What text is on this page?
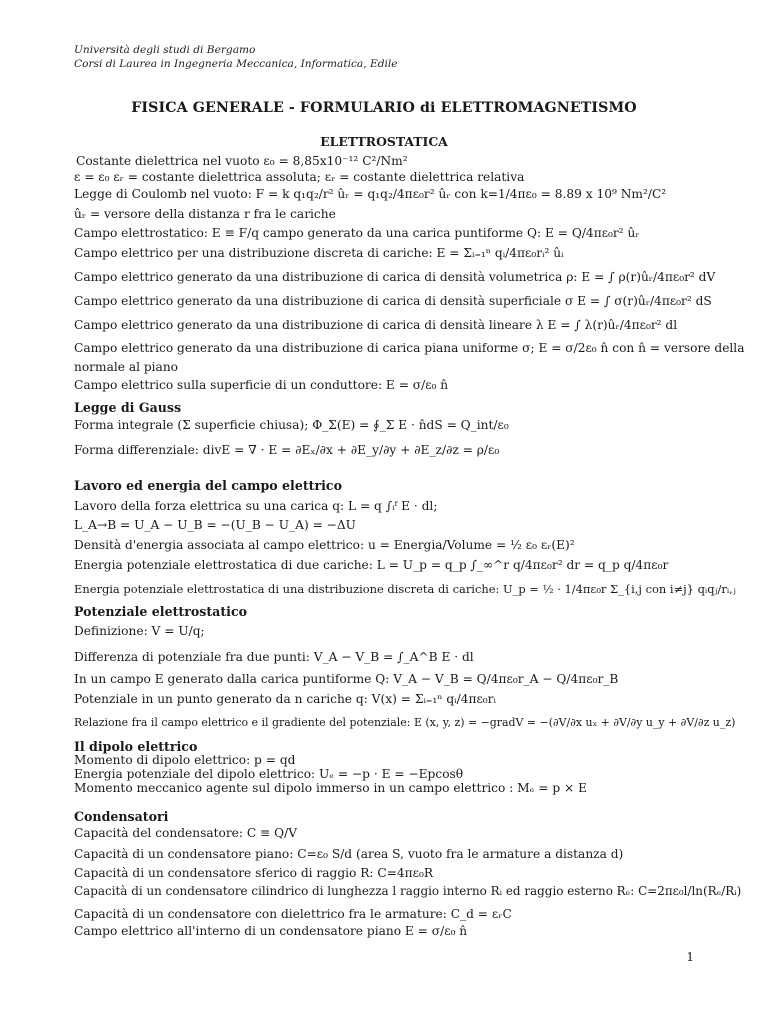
Università degli studi di Bergamo
Corsi di Laurea in Ingegneria Meccanica, Informatica, Edile
FISICA GENERALE - FORMULARIO di ELETTROMAGNETISMO
ELETTROSTATICA
Costante dielettrica nel vuoto ε₀ = 8,85x10⁻¹² C²/Nm²
ε = ε₀ εᵣ = costante dielettrica assoluta; εᵣ = costante dielettrica relativa
Legge di Coulomb nel vuoto: F = k q₁q₂/r² ûᵣ = q₁q₂/4πε₀r² ûᵣ con k=1/4πε₀ = 8.89 x 10⁹ Nm²/C²
ûᵣ = versore della distanza r fra le cariche
Campo elettrostatico: E ≡ F/q campo generato da una carica puntiforme Q: E = Q/4πε₀r² ûᵣ
Campo elettrico per una distribuzione discreta di cariche: E = Σᵢ₌₁ⁿ qᵢ/4πε₀rᵢ² ûᵢ
Campo elettrico generato da una distribuzione di carica di densità volumetrica ρ: E = ∫ ρ(r)ûᵣ/4πε₀r² dV
Campo elettrico generato da una distribuzione di carica di densità superficiale σ E = ∫ σ(r)ûᵣ/4πε₀r² dS
Campo elettrico generato da una distribuzione di carica di densità lineare λ E = ∫ λ(r)ûᵣ/4πε₀r² dl
Campo elettrico generato da una distribuzione di carica piana uniforme σ; E = σ/2ε₀ n̂ con n̂ = versore della
normale al piano
Campo elettrico sulla superficie di un conduttore: E = σ/ε₀ n̂
Legge di Gauss
Forma integrale (Σ superficie chiusa); Φ_Σ(E) = ∮_Σ E · n̂dS = Q_int/ε₀
Forma differenziale: divE = ∇ · E = ∂Eₓ/∂x + ∂E_y/∂y + ∂E_z/∂z = ρ/ε₀
Lavoro ed energia del campo elettrico
Lavoro della forza elettrica su una carica q: L = q ∫ᵢᶠ E · dl;
L_A→B = U_A − U_B = −(U_B − U_A) = −ΔU
Densità d'energia associata al campo elettrico: u = Energia/Volume = ½ ε₀ εᵣ(E)²
Energia potenziale elettrostatica di due cariche: L = U_p = q_p ∫_∞^r q/4πε₀r² dr = q_p q/4πε₀r
Energia potenziale elettrostatica di una distribuzione discreta di cariche: U_p = ½ · 1/4πε₀r Σ_{i,j con i≠j} qᵢqⱼ/rᵢ,ⱼ
Potenziale elettrostatico
Definizione: V = U/q;
Differenza di potenziale fra due punti: V_A − V_B = ∫_A^B E · dl
In un campo E generato dalla carica puntiforme Q: V_A − V_B = Q/4πε₀r_A − Q/4πε₀r_B
Potenziale in un punto generato da n cariche q: V(x) = Σᵢ₌₁ⁿ qᵢ/4πε₀rᵢ
Relazione fra il campo elettrico e il gradiente del potenziale: E (x, y, z) = −gradV = −(∂V/∂x uₓ + ∂V/∂y u_y + ∂V/∂z u_z)
Il dipolo elettrico
Momento di dipolo elettrico: p = qd
Energia potenziale del dipolo elettrico: Uₑ = −p · E = −Epcosθ
Momento meccanico agente sul dipolo immerso in un campo elettrico : Mₑ = p × E
Condensatori
Capacità del condensatore: C ≡ Q/V
Capacità di un condensatore piano: C=ε₀ S/d (area S, vuoto fra le armature a distanza d)
Capacità di un condensatore sferico di raggio R: C=4πε₀R
Capacità di un condensatore cilindrico di lunghezza l raggio interno Rᵢ ed raggio esterno Rₑ: C=2πε₀l/ln(Rₑ/Rᵢ)
Capacità di un condensatore con dielettrico fra le armature: C_d = εᵣC
Campo elettrico all'interno di un condensatore piano E = σ/ε₀ n̂
1
